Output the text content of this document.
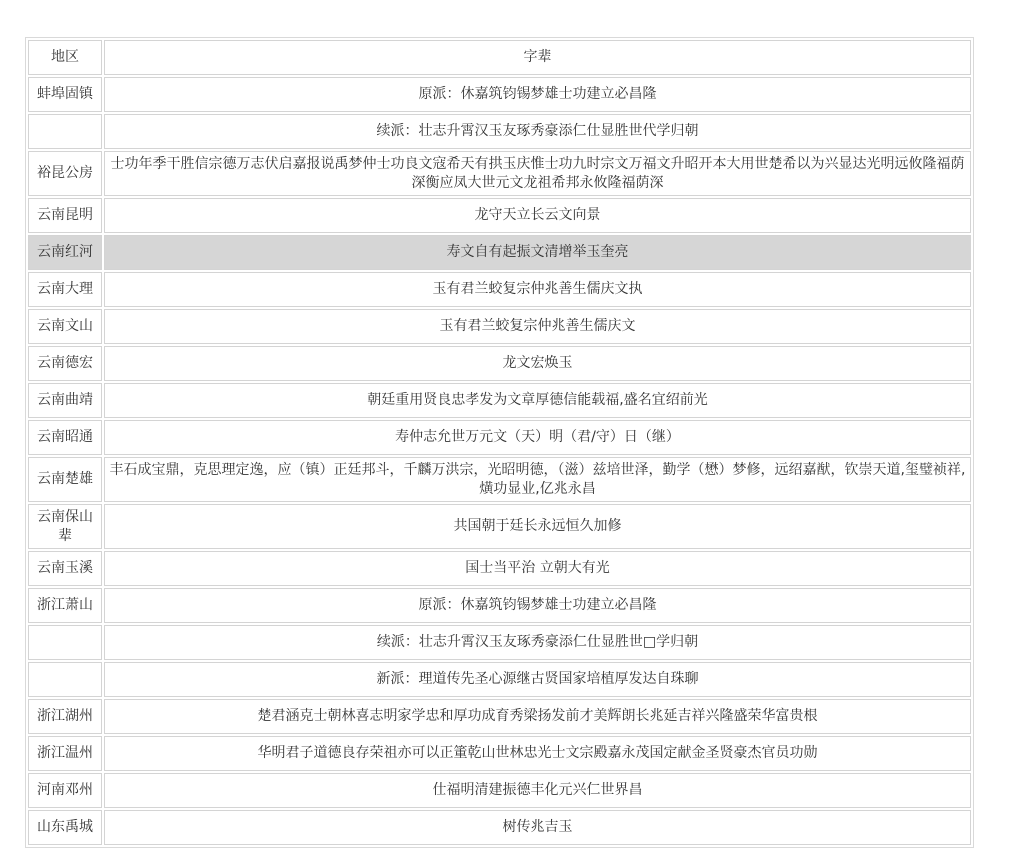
地区	字辈
蚌埠固镇	原派：休嘉筑钧锡梦雄士功建立必昌隆
	续派：壮志升霄汉玉友琢秀豪添仁仕显胜世代学归朝
裕昆公房	士功年季干胜信宗德万志伏启嘉报说禹梦仲士功良文寇希天有拱玉庆惟士功九时宗文万福文升昭开本大用世楚希以为兴显达光明远攸隆福荫深衡应凤大世元文龙祖希邦永攸隆福荫深
云南昆明	龙守天立长云文向景
云南红河	寿文自有起振文清增举玉奎亮
云南大理	玉有君兰蛟复宗仲兆善生儒庆文执
云南文山	玉有君兰蛟复宗仲兆善生儒庆文
云南德宏	龙文宏焕玉
云南曲靖	朝廷重用贤良忠孝发为文章厚德信能载福,盛名宜绍前光
云南昭通	寿仲志允世万元文（天）明（君/守）日（继）
云南楚雄	丰石成宝鼎，克思理定逸，应（镇）正廷邦斗，千麟万洪宗，光昭明德，（滋）兹培世泽，勤学（懋）梦修，远绍嘉猷，钦崇天道,玺璧祯祥,熿功显业,亿兆永昌
云南保山辈	共国朝于廷长永远恒久加修
云南玉溪	国士当平治 立朝大有光
浙江萧山	原派：休嘉筑钧锡梦雄士功建立必昌隆
	续派：壮志升霄汉玉友琢秀豪添仁仕显胜世□学归朝
	新派：理道传先圣心源继古贤国家培植厚发达自珠聊
浙江湖州	楚君涵克士朝林喜志明家学忠和厚功成育秀梁扬发前才美辉朗长兆延吉祥兴隆盛荣华富贵根
浙江温州	华明君子道德良存荣祖亦可以正箽乾山世林忠光士文宗殿嘉永茂国定献金圣贤豪杰官员功勋
河南邓州	仕福明清建振德丰化元兴仁世界昌
山东禹城	树传兆吉玉
